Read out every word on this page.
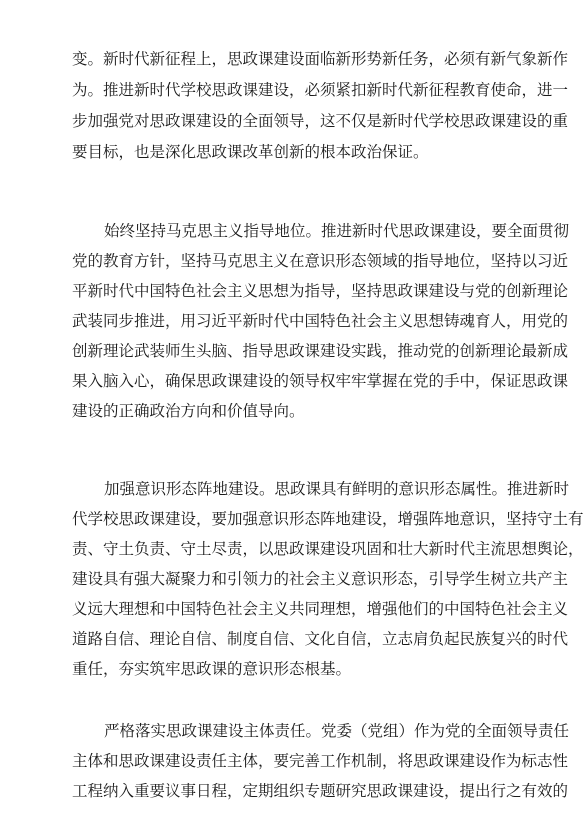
变。新时代新征程上，思政课建设面临新形势新任务，必须有新气象新作
为。推进新时代学校思政课建设，必须紧扣新时代新征程教育使命，进一
步加强党对思政课建设的全面领导，这不仅是新时代学校思政课建设的重
要目标，也是深化思政课改革创新的根本政治保证。
始终坚持马克思主义指导地位。推进新时代思政课建设，要全面贯彻
党的教育方针，坚持马克思主义在意识形态领域的指导地位，坚持以习近
平新时代中国特色社会主义思想为指导，坚持思政课建设与党的创新理论
武装同步推进，用习近平新时代中国特色社会主义思想铸魂育人，用党的
创新理论武装师生头脑、指导思政课建设实践，推动党的创新理论最新成
果入脑入心，确保思政课建设的领导权牢牢掌握在党的手中，保证思政课
建设的正确政治方向和价值导向。
加强意识形态阵地建设。思政课具有鲜明的意识形态属性。推进新时
代学校思政课建设，要加强意识形态阵地建设，增强阵地意识，坚持守土有
责、守土负责、守土尽责，以思政课建设巩固和壮大新时代主流思想舆论，
建设具有强大凝聚力和引领力的社会主义意识形态，引导学生树立共产主
义远大理想和中国特色社会主义共同理想，增强他们的中国特色社会主义
道路自信、理论自信、制度自信、文化自信，立志肩负起民族复兴的时代
重任，夯实筑牢思政课的意识形态根基。
严格落实思政课建设主体责任。党委（党组）作为党的全面领导责任
主体和思政课建设责任主体，要完善工作机制，将思政课建设作为标志性
工程纳入重要议事日程，定期组织专题研究思政课建设，提出行之有效的
